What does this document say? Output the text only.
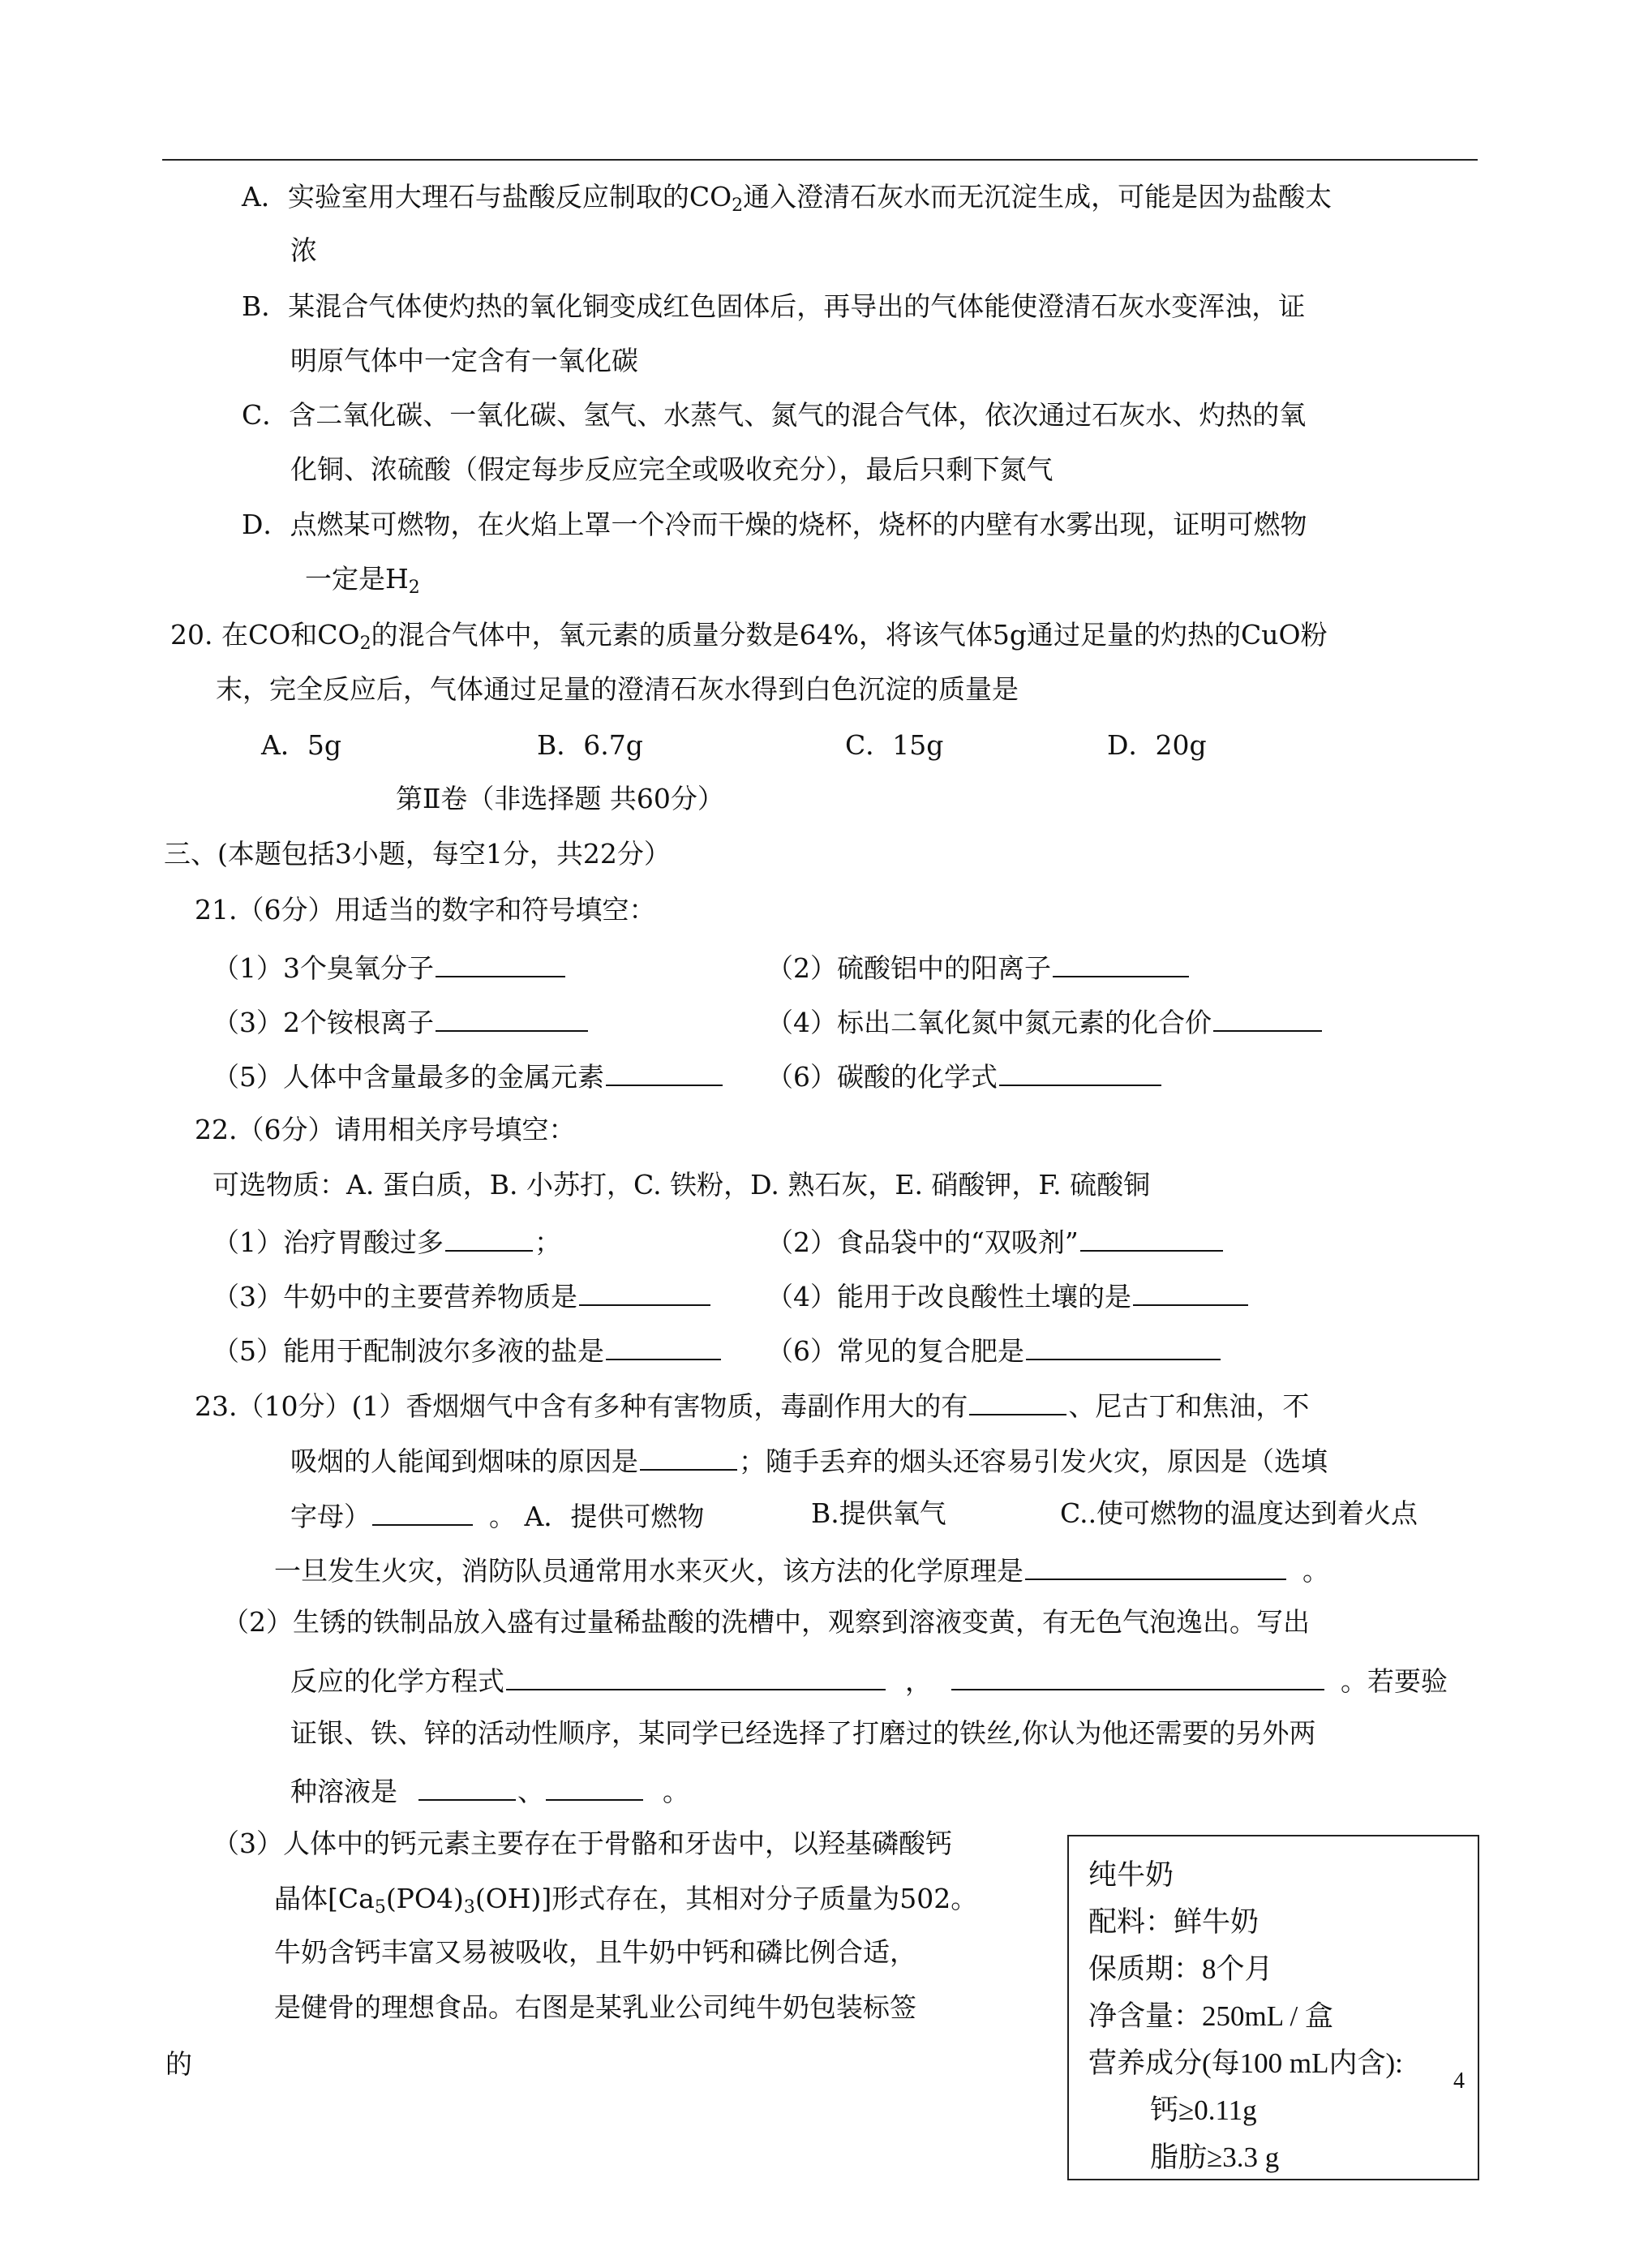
A．实验室用大理石与盐酸反应制取的$CO_2$通入澄清石灰水而无沉淀生成，可能是因为盐酸太
浓
B．某混合气体使灼热的氧化铜变成红色固体后，再导出的气体能使澄清石灰水变浑浊，证
明原气体中一定含有一氧化碳
C．含二氧化碳、一氧化碳、氢气、水蒸气、氮气的混合气体，依次通过石灰水、灼热的氧
化铜、浓硫酸（假定每步反应完全或吸收充分），最后只剩下氮气
D．点燃某可燃物，在火焰上罩一个冷而干燥的烧杯，烧杯的内壁有水雾出现，证明可燃物
一定是$H_2$
20. 在CO和$CO_2$的混合气体中，氧元素的质量分数是64%，将该气体5g通过足量的灼热的CuO粉
末，完全反应后，气体通过足量的澄清石灰水得到白色沉淀的质量是
A．5g	B．6.7g	C．15g	D．20g
第Ⅱ卷（非选择题 共60分）
三、(本题包括3小题，每空1分，共22分）
21.（6分）用适当的数字和符号填空：
（1）3个臭氧分子	（2）硫酸铝中的阳离子
（3）2个铵根离子	（4）标出二氧化氮中氮元素的化合价
（5）人体中含量最多的金属元素	（6）碳酸的化学式
22.（6分）请用相关序号填空：
可选物质：A. 蛋白质，B. 小苏打，C. 铁粉，D. 熟石灰，E. 硝酸钾，F. 硫酸铜
（1）治疗胃酸过多	；	（2）食品袋中的“双吸剂”
（3）牛奶中的主要营养物质是	（4）能用于改良酸性土壤的是
（5）能用于配制波尔多液的盐是	（6）常见的复合肥是
23.（10分）(1）香烟烟气中含有多种有害物质，毒副作用大的有	、尼古丁和焦油，不
吸烟的人能闻到烟味的原因是	；随手丢弃的烟头还容易引发火灾，原因是（选填
字母）	。 A．提供可燃物	B.提供氧气	C..使可燃物的温度达到着火点
一旦发生火灾，消防队员通常用水来灭火，该方法的化学原理是	。
（2）生锈的铁制品放入盛有过量稀盐酸的洗槽中，观察到溶液变黄，有无色气泡逸出。写出
反应的化学方程式	，	。若要验
证银、铁、锌的活动性顺序，某同学已经选择了打磨过的铁丝,你认为他还需要的另外两
种溶液是	、	。
（3）人体中的钙元素主要存在于骨骼和牙齿中，以羟基磷酸钙
晶体$[Ca_5(PO4)_3(OH)]$形式存在，其相对分子质量为502。
牛奶含钙丰富又易被吸收，且牛奶中钙和磷比例合适，
是健骨的理想食品。右图是某乳业公司纯牛奶包装标签
的
纯牛奶
配料：鲜牛奶
保质期：8个月
净含量：250mL / 盒
营养成分(每100 mL内含):
钙≥0.11g
脂肪≥3.3 g
4
